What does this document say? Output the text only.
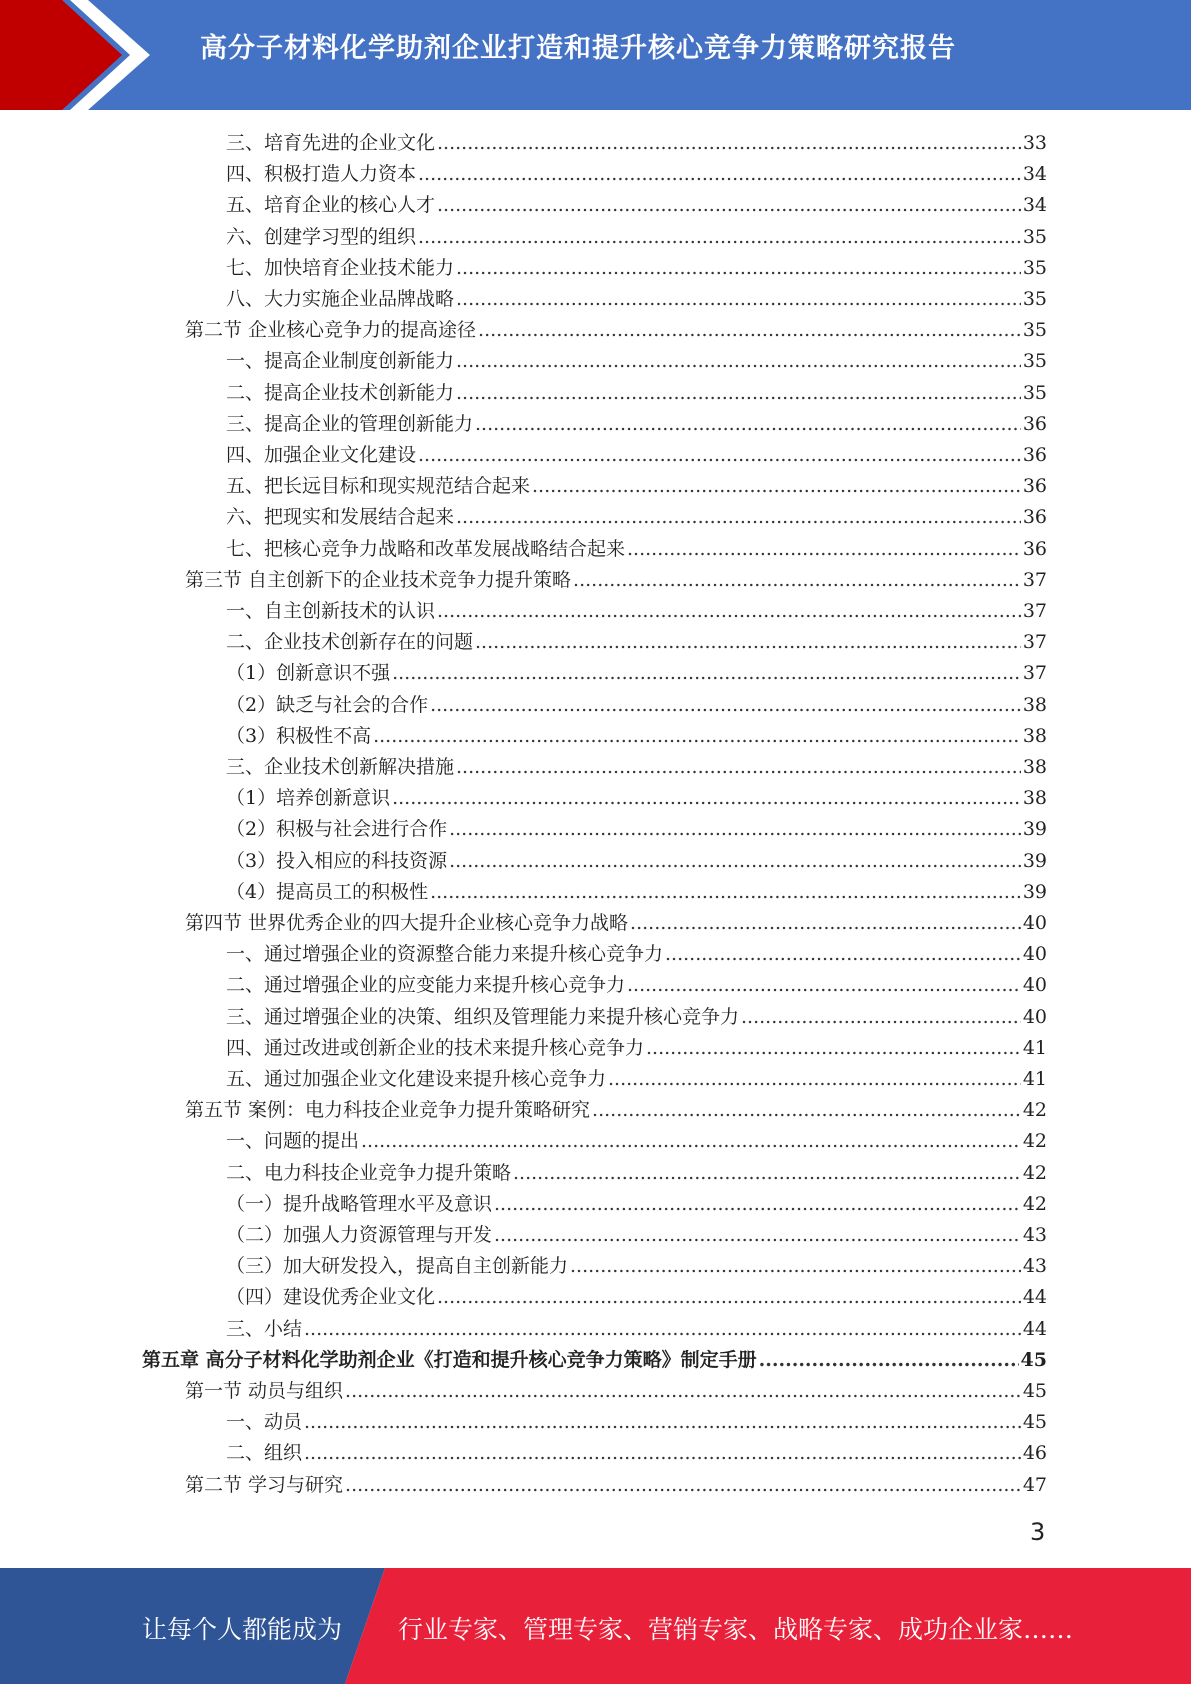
高分子材料化学助剂企业打造和提升核心竞争力策略研究报告
三、培育先进的企业文化 .....	33
四、积极打造人力资本 .....	34
五、培育企业的核心人才 .....	34
六、创建学习型的组织 .....	35
七、加快培育企业技术能力 .....	35
八、大力实施企业品牌战略 .....	35
第二节 企业核心竞争力的提高途径 .....	35
一、提高企业制度创新能力 .....	35
二、提高企业技术创新能力 .....	35
三、提高企业的管理创新能力 .....	36
四、加强企业文化建设 .....	36
五、把长远目标和现实规范结合起来 .....	36
六、把现实和发展结合起来 .....	36
七、把核心竞争力战略和改革发展战略结合起来 .....	36
第三节 自主创新下的企业技术竞争力提升策略 .....	37
一、自主创新技术的认识 .....	37
二、企业技术创新存在的问题 .....	37
（1）创新意识不强 .....	37
（2）缺乏与社会的合作 .....	38
（3）积极性不高 .....	38
三、企业技术创新解决措施 .....	38
（1）培养创新意识 .....	38
（2）积极与社会进行合作 .....	39
（3）投入相应的科技资源 .....	39
（4）提高员工的积极性 .....	39
第四节 世界优秀企业的四大提升企业核心竞争力战略 .....	40
一、通过增强企业的资源整合能力来提升核心竞争力 .....	40
二、通过增强企业的应变能力来提升核心竞争力 .....	40
三、通过增强企业的决策、组织及管理能力来提升核心竞争力 .....	40
四、通过改进或创新企业的技术来提升核心竞争力 .....	41
五、通过加强企业文化建设来提升核心竞争力 .....	41
第五节 案例：电力科技企业竞争力提升策略研究 .....	42
一、问题的提出 .....	42
二、电力科技企业竞争力提升策略 .....	42
（一）提升战略管理水平及意识 .....	42
（二）加强人力资源管理与开发 .....	43
（三）加大研发投入，提高自主创新能力 .....	43
（四）建设优秀企业文化 .....	44
三、小结 .....	44
第五章 高分子材料化学助剂企业《打造和提升核心竞争力策略》制定手册 .....	45
第一节 动员与组织 .....	45
一、动员 .....	45
二、组织 .....	46
第二节 学习与研究 .....	47
3
让每个人都能成为 行业专家、管理专家、营销专家、战略专家、成功企业家……
